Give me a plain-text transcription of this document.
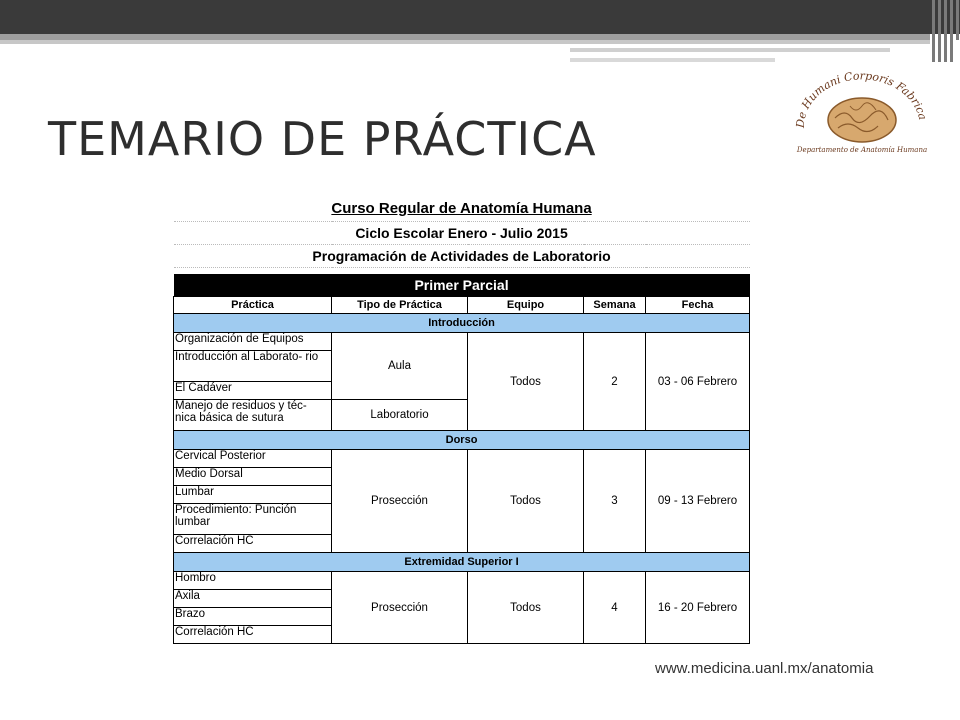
TEMARIO DE PRÁCTICA	De Humani Corporis Fabrica
Departamento de Anatomía Humana
Curso Regular de Anatomía Humana				
Ciclo Escolar Enero - Julio 2015				
Programación de Actividades de Laboratorio				

Primer Parcial				
Práctica	Tipo de Práctica	Equipo	Semana	Fecha
Introducción				
Organización de Equipos	Aula	Todos	2	03 - 06 Febrero
Introducción al Laborato- rio				
El Cadáver				
Manejo de residuos y téc- nica básica de sutura	Laboratorio			
Dorso				
Cervical Posterior	Prosección	Todos	3	09 - 13 Febrero
Medio Dorsal				
Lumbar				
Procedimiento: Punción lumbar				
Correlación HC				
Extremidad Superior I				
Hombro	Prosección	Todos	4	16 - 20 Febrero
Axila				
Brazo				
Correlación HC				
www.medicina.uanl.mx/anatomia
